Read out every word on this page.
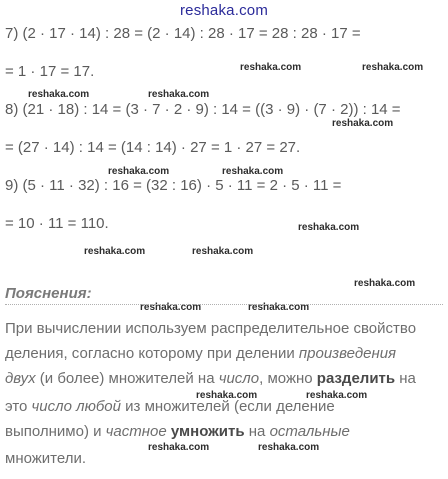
reshaka.com
7) (2 · 17 · 14) : 28 = (2 · 14) : 28 · 17 = 28 : 28 · 17 =
= 1 · 17 = 17.
8) (21 · 18) : 14 = (3 · 7 · 2 · 9) : 14 = ((3 · 9) · (7 · 2)) : 14 =
= (27 · 14) : 14 = (14 : 14) · 27 = 1 · 27 = 27.
9) (5 · 11 · 32) : 16 = (32 : 16) · 5 · 11 = 2 · 5 · 11 =
= 10 · 11 = 110.
reshaka.com	reshaka.com
reshaka.com	reshaka.com
reshaka.com
reshaka.com	reshaka.com
reshaka.com
reshaka.com	reshaka.com
reshaka.com
reshaka.com	reshaka.com
reshaka.com	reshaka.com
reshaka.com	reshaka.com
Пояснения:
При вычислении используем распределительное свойство
деления, согласно которому при делении произведения
двух (и более) множителей на число, можно разделить на
это число любой из множителей (если деление
выполнимо) и частное умножить на остальные
множители.
